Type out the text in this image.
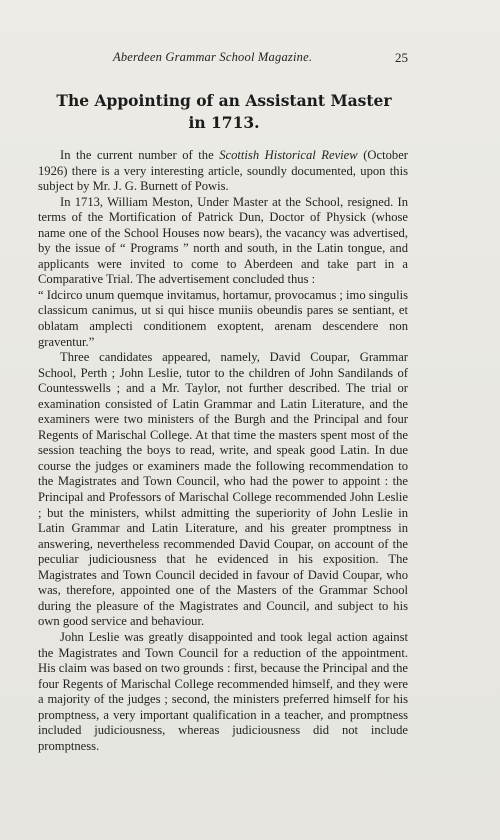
Aberdeen Grammar School Magazine.	25
The Appointing of an Assistant Master
in 1713.

In the current number of the Scottish Historical Review (October 1926) there is a very interesting article, soundly documented, upon this subject by Mr. J. G. Burnett of Powis.

In 1713, William Meston, Under Master at the School, resigned. In terms of the Mortification of Patrick Dun, Doctor of Physick (whose name one of the School Houses now bears), the vacancy was advertised, by the issue of “ Programs ” north and south, in the Latin tongue, and applicants were invited to come to Aberdeen and take part in a Comparative Trial. The advertisement concluded thus :

“ Idcirco unum quemque invitamus, hortamur, provocamus ; imo singulis classicum canimus, ut si qui hisce muniis obeundis pares se sentiant, et oblatam amplecti conditionem exoptent, arenam descendere non graventur.”

Three candidates appeared, namely, David Coupar, Grammar School, Perth ; John Leslie, tutor to the children of John Sandilands of Countesswells ; and a Mr. Taylor, not further described. The trial or examination consisted of Latin Grammar and Latin Literature, and the examiners were two ministers of the Burgh and the Principal and four Regents of Marischal College. At that time the masters spent most of the session teaching the boys to read, write, and speak good Latin. In due course the judges or examiners made the following recommendation to the Magistrates and Town Council, who had the power to appoint : the Principal and Professors of Marischal College recommended John Leslie ; but the ministers, whilst admitting the superiority of John Leslie in Latin Grammar and Latin Literature, and his greater promptness in answering, nevertheless recommended David Coupar, on account of the peculiar judiciousness that he evidenced in his exposition. The Magistrates and Town Council decided in favour of David Coupar, who was, therefore, appointed one of the Masters of the Grammar School during the pleasure of the Magistrates and Council, and subject to his own good service and behaviour.

John Leslie was greatly disappointed and took legal action against the Magistrates and Town Council for a reduction of the appointment. His claim was based on two grounds : first, because the Principal and the four Regents of Marischal College recommended himself, and they were a majority of the judges ; second, the ministers preferred himself for his promptness, a very important qualification in a teacher, and promptness included judiciousness, whereas judiciousness did not include promptness.
